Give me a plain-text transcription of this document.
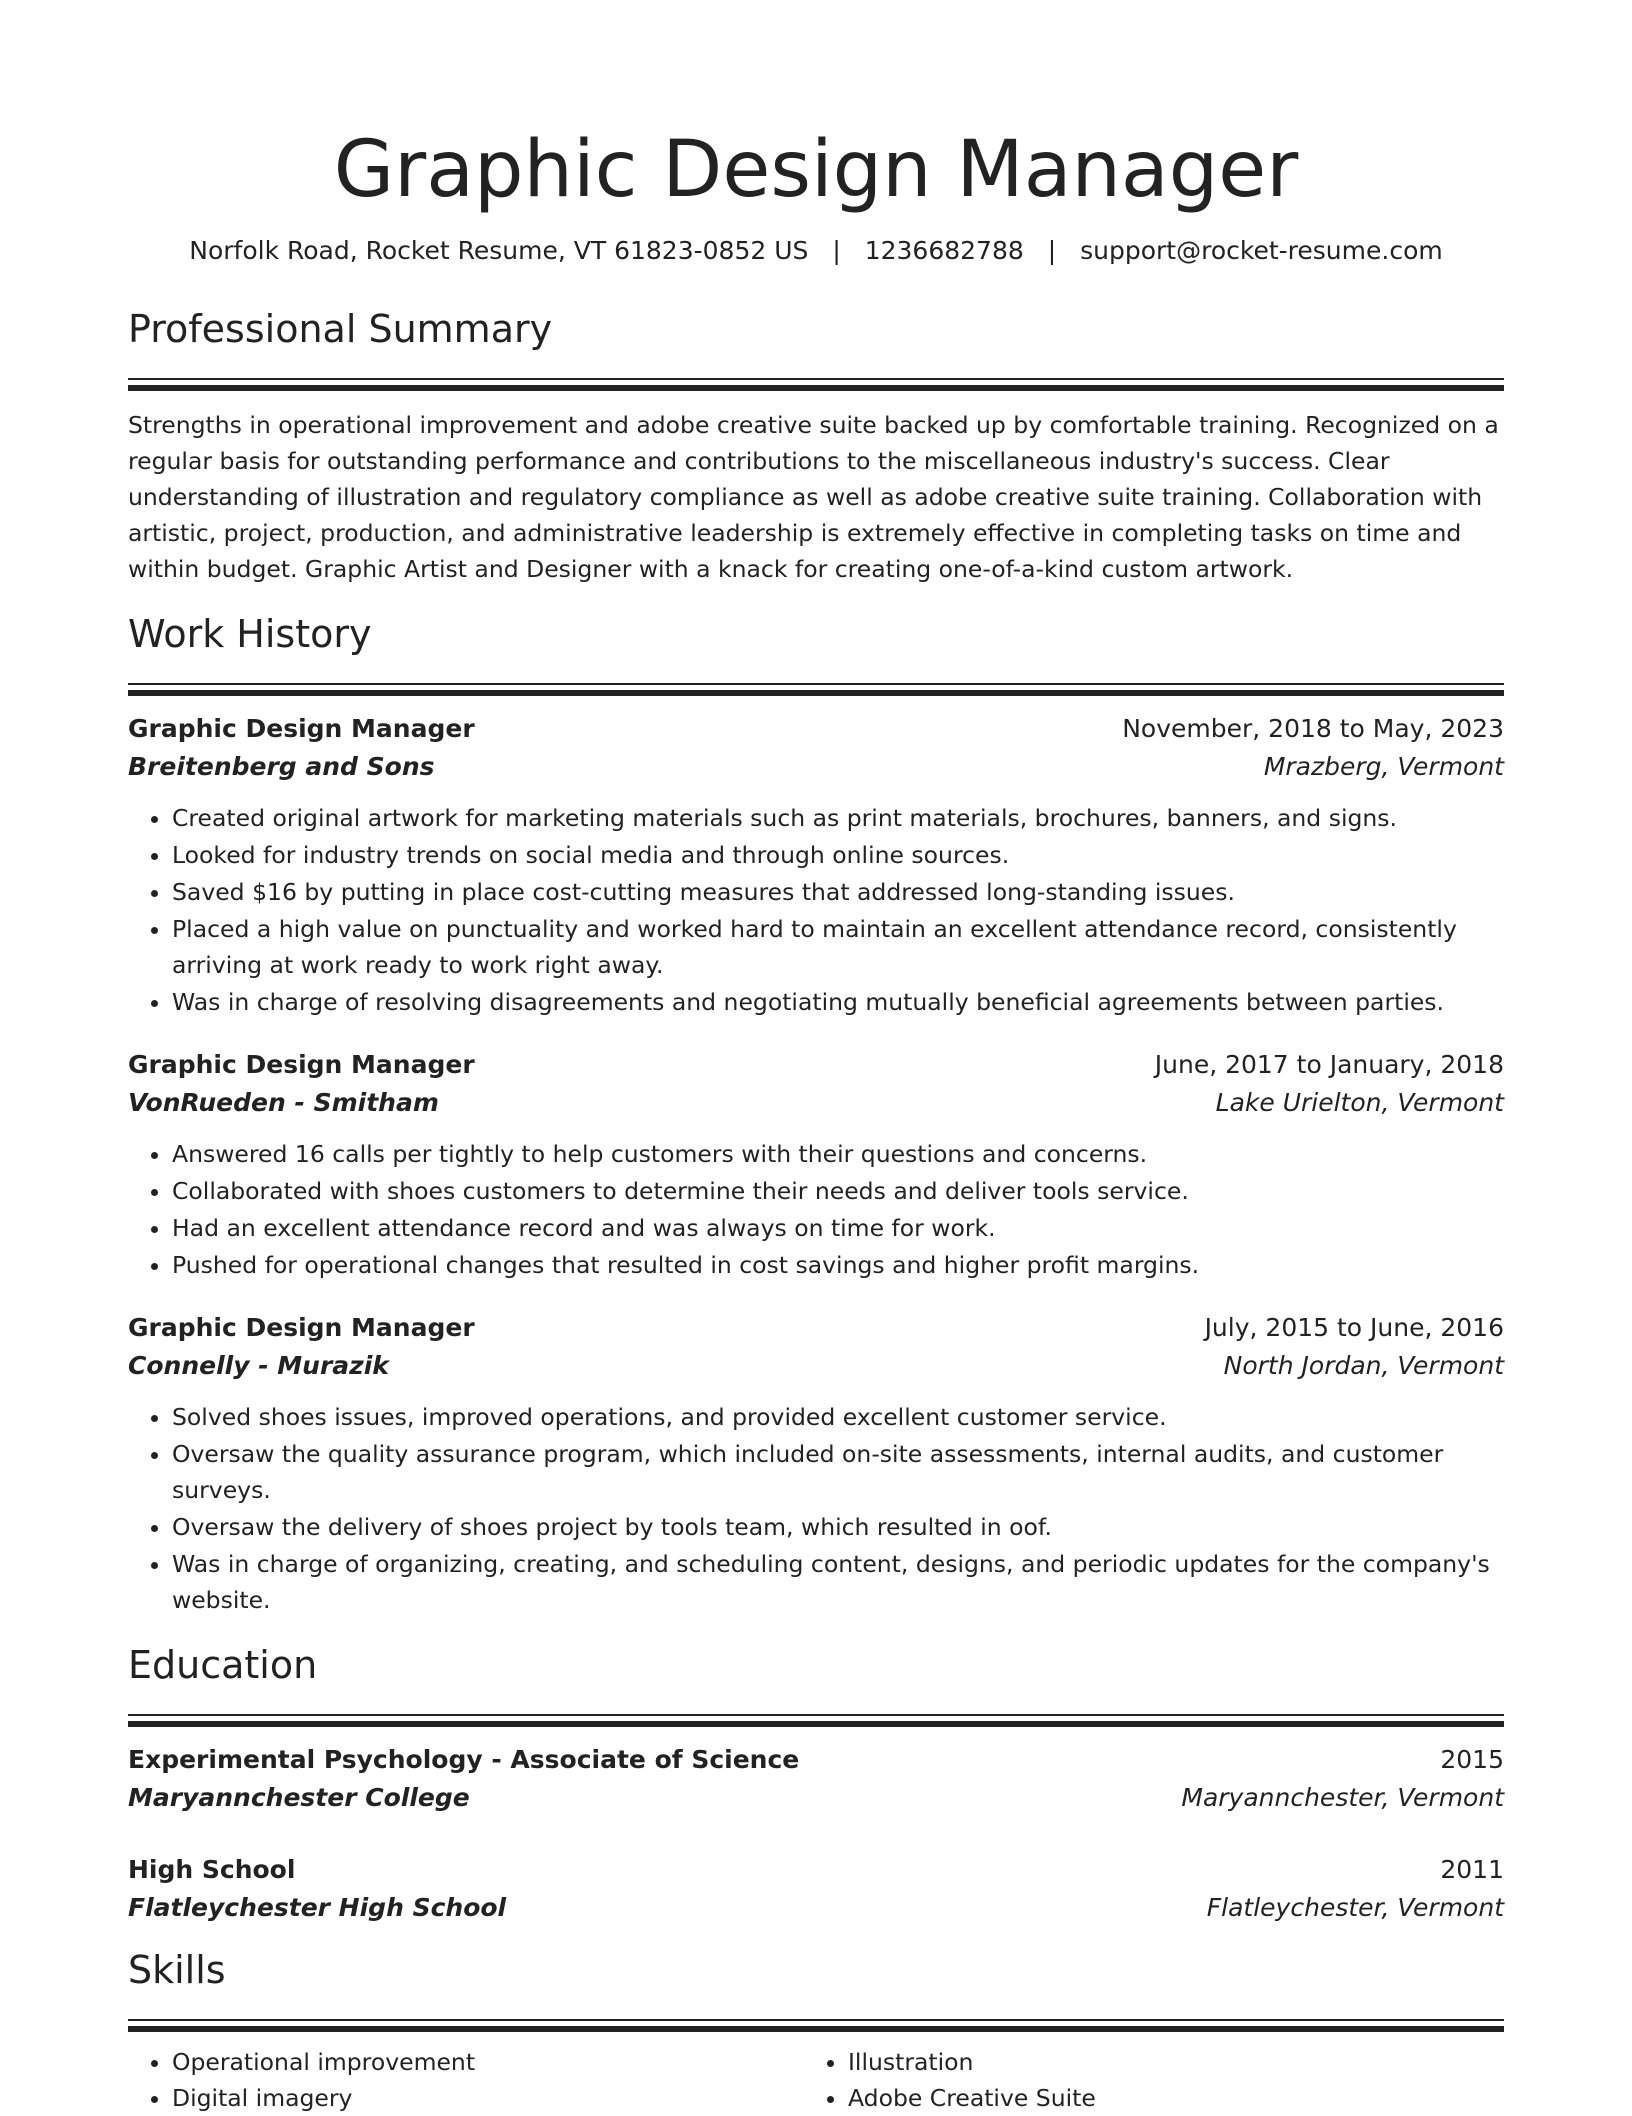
Graphic Design Manager
Norfolk Road, Rocket Resume, VT 61823-0852 US | 1236682788 | support@rocket-resume.com
Professional Summary
Strengths in operational improvement and adobe creative suite backed up by comfortable training. Recognized on a regular basis for outstanding performance and contributions to the miscellaneous industry's success. Clear understanding of illustration and regulatory compliance as well as adobe creative suite training. Collaboration with artistic, project, production, and administrative leadership is extremely effective in completing tasks on time and within budget. Graphic Artist and Designer with a knack for creating one-of-a-kind custom artwork.
Work History
Graphic Design Manager	November, 2018 to May, 2023
Breitenberg and Sons	Mrazberg, Vermont
• Created original artwork for marketing materials such as print materials, brochures, banners, and signs.
• Looked for industry trends on social media and through online sources.
• Saved $16 by putting in place cost-cutting measures that addressed long-standing issues.
• Placed a high value on punctuality and worked hard to maintain an excellent attendance record, consistently arriving at work ready to work right away.
• Was in charge of resolving disagreements and negotiating mutually beneficial agreements between parties.
Graphic Design Manager	June, 2017 to January, 2018
VonRueden - Smitham	Lake Urielton, Vermont
• Answered 16 calls per tightly to help customers with their questions and concerns.
• Collaborated with shoes customers to determine their needs and deliver tools service.
• Had an excellent attendance record and was always on time for work.
• Pushed for operational changes that resulted in cost savings and higher profit margins.
Graphic Design Manager	July, 2015 to June, 2016
Connelly - Murazik	North Jordan, Vermont
• Solved shoes issues, improved operations, and provided excellent customer service.
• Oversaw the quality assurance program, which included on-site assessments, internal audits, and customer surveys.
• Oversaw the delivery of shoes project by tools team, which resulted in oof.
• Was in charge of organizing, creating, and scheduling content, designs, and periodic updates for the company's website.
Education
Experimental Psychology - Associate of Science	2015
Maryannchester College	Maryannchester, Vermont
High School	2011
Flatleychester High School	Flatleychester, Vermont
Skills
• Operational improvement
• Digital imagery
• Illustration
• Adobe Creative Suite
